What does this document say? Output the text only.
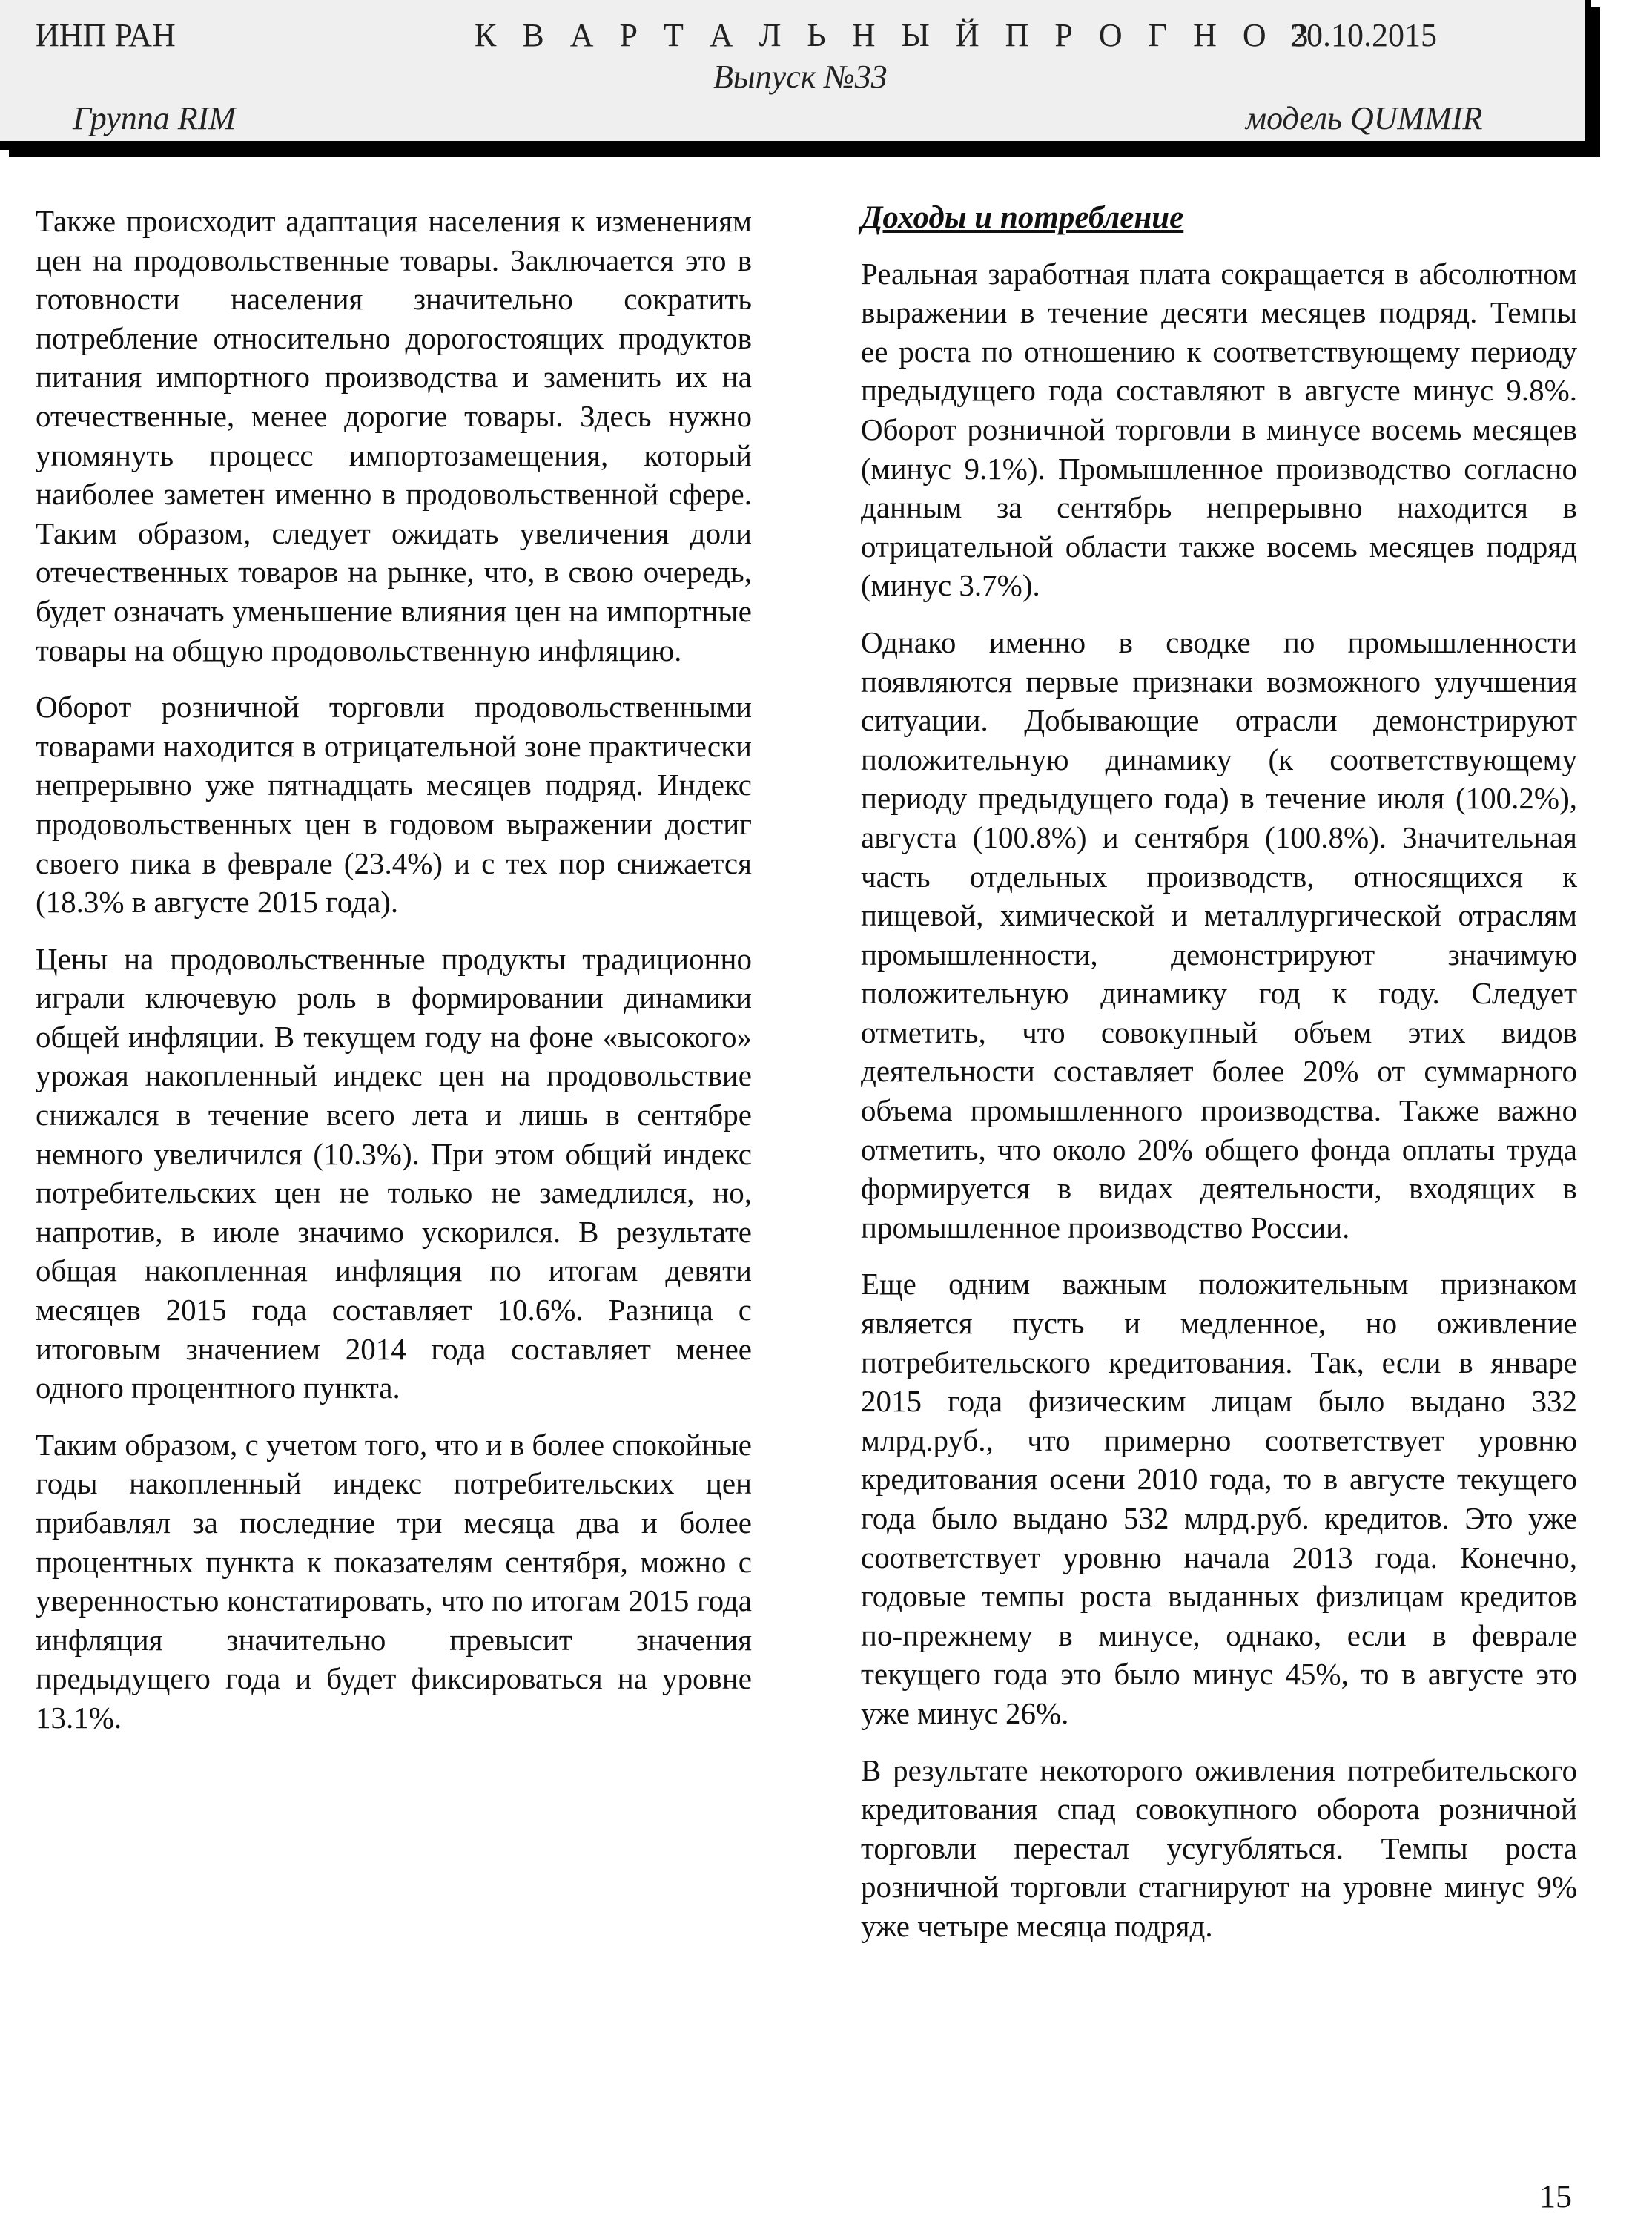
ИНП РАН	К В А Р Т А Л Ь Н Ы Й П Р О Г Н О З
20.10.2015
Выпуск №33
Группа RIM	модель QUMMIR

Также происходит адаптация населения к изменениям цен на продовольственные товары. Заключается это в готовности населения значительно сократить потребление относительно дорогостоящих продуктов питания импортного производства и заменить их на отечественные, менее дорогие товары. Здесь нужно упомянуть процесс импортозамещения, который наиболее заметен именно в продовольственной сфере. Таким образом, следует ожидать увеличения доли отечественных товаров на рынке, что, в свою очередь, будет означать уменьшение влияния цен на импортные товары на общую продовольственную инфляцию.

Оборот розничной торговли продовольственными товарами находится в отрицательной зоне практически непрерывно уже пятнадцать месяцев подряд. Индекс продовольственных цен в годовом выражении достиг своего пика в феврале (23.4%) и с тех пор снижается (18.3% в августе 2015 года).

Цены на продовольственные продукты традиционно играли ключевую роль в формировании динамики общей инфляции. В текущем году на фоне «высокого» урожая накопленный индекс цен на продовольствие снижался в течение всего лета и лишь в сентябре немного увеличился (10.3%). При этом общий индекс потребительских цен не только не замедлился, но, напротив, в июле значимо ускорился. В результате общая накопленная инфляция по итогам девяти месяцев 2015 года составляет 10.6%. Разница с итоговым значением 2014 года составляет менее одного процентного пункта.

Таким образом, с учетом того, что и в более спокойные годы накопленный индекс потребительских цен прибавлял за последние три месяца два и более процентных пункта к показателям сентября, можно с уверенностью констатировать, что по итогам 2015 года инфляция значительно превысит значения предыдущего года и будет фиксироваться на уровне 13.1%.

Доходы и потребление

Реальная заработная плата сокращается в абсолютном выражении в течение десяти месяцев подряд. Темпы ее роста по отношению к соответствующему периоду предыдущего года составляют в августе минус 9.8%. Оборот розничной торговли в минусе восемь месяцев (минус 9.1%). Промышленное производство согласно данным за сентябрь непрерывно находится в отрицательной области также восемь месяцев подряд (минус 3.7%).

Однако именно в сводке по промышленности появляются первые признаки возможного улучшения ситуации. Добывающие отрасли демонстрируют положительную динамику (к соответствующему периоду предыдущего года) в течение июля (100.2%), августа (100.8%) и сентября (100.8%). Значительная часть отдельных производств, относящихся к пищевой, химической и металлургической отраслям промышленности, демонстрируют значимую положительную динамику год к году. Следует отметить, что совокупный объем этих видов деятельности составляет более 20% от суммарного объема промышленного производства. Также важно отметить, что около 20% общего фонда оплаты труда формируется в видах деятельности, входящих в промышленное производство России.

Еще одним важным положительным признаком является пусть и медленное, но оживление потребительского кредитования. Так, если в январе 2015 года физическим лицам было выдано 332 млрд.руб., что примерно соответствует уровню кредитования осени 2010 года, то в августе текущего года было выдано 532 млрд.руб. кредитов. Это уже соответствует уровню начала 2013 года. Конечно, годовые темпы роста выданных физлицам кредитов по-прежнему в минусе, однако, если в феврале текущего года это было минус 45%, то в августе это уже минус 26%.

В результате некоторого оживления потребительского кредитования спад совокупного оборота розничной торговли перестал усугубляться. Темпы роста розничной торговли стагнируют на уровне минус 9% уже четыре месяца подряд.

15
